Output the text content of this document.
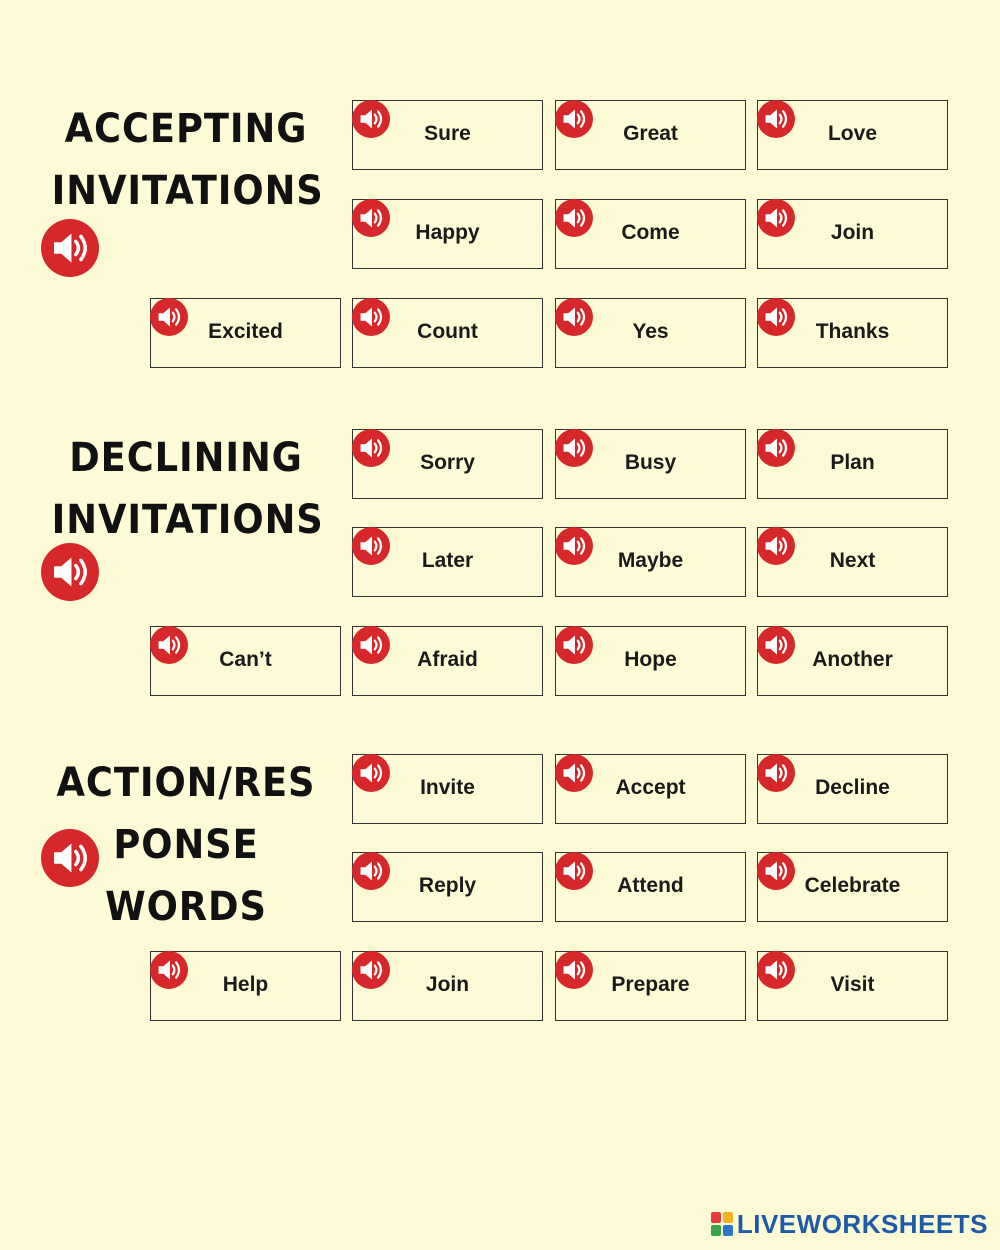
ACCEPTING
INVITATIONS
DECLINING
INVITATIONS
ACTION/RES
PONSE
WORDS
Sure	Great	Love
Happy	Come	Join
Excited	Count	Yes	Thanks
Sorry	Busy	Plan
Later	Maybe	Next
Can’t	Afraid	Hope	Another
Invite	Accept	Decline
Reply	Attend	Celebrate
Help	Join	Prepare	Visit
LIVEWORKSHEETS
